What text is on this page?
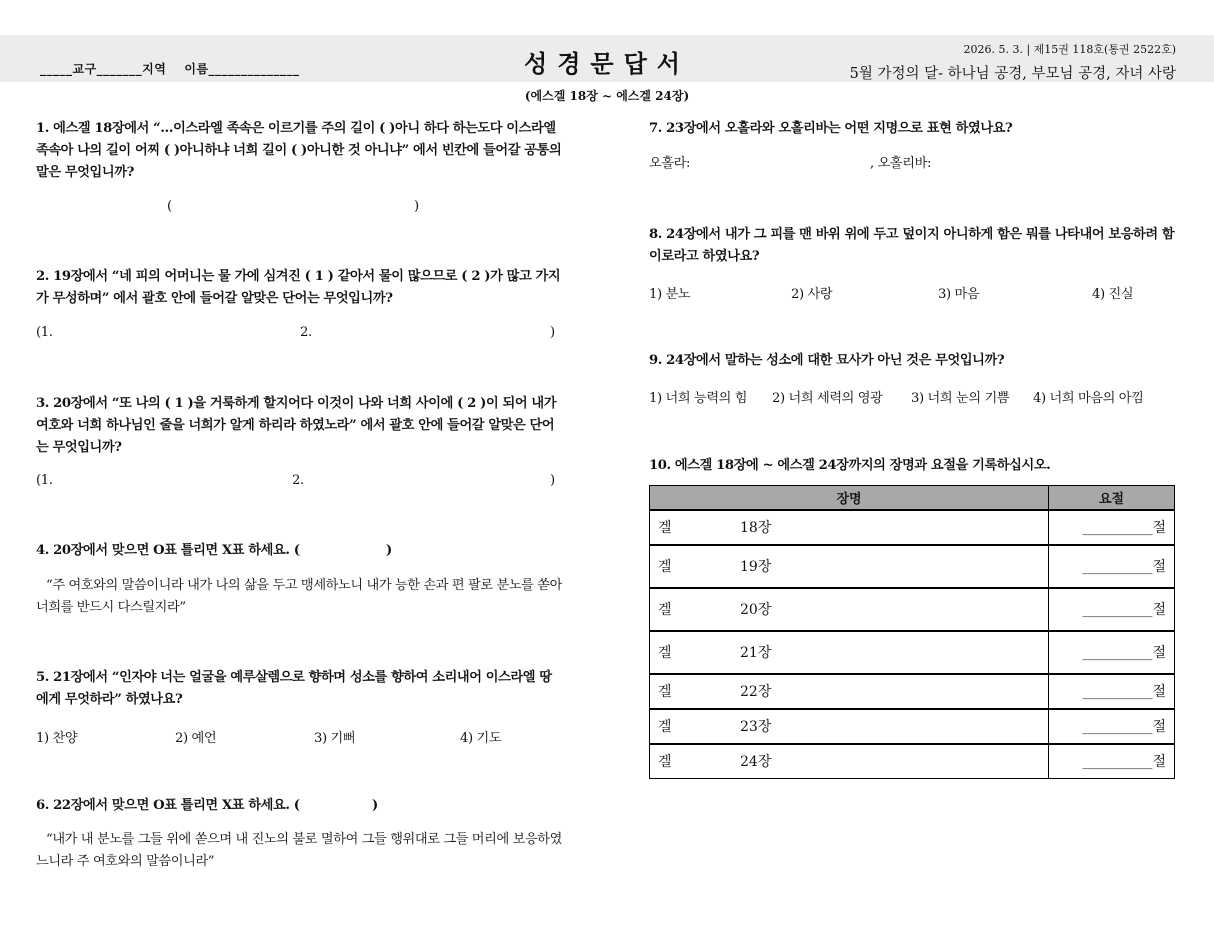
_____교구_______지역 이름______________	성경문답서	2026. 5. 3. | 제15권 118호(통권 2522호)
5월 가정의 달- 하나님 공경, 부모님 공경, 자녀 사랑
(에스겔 18장 ~ 에스겔 24장)
1. 에스겔 18장에서 “…이스라엘 족속은 이르기를 주의 길이 ( )아니 하다 하는도다 이스라엘 족속아 나의 길이 어찌 ( )아니하냐 너희 길이 ( )아니한 것 아니냐” 에서 빈칸에 들어갈 공통의 말은 무엇입니까?
(	)
2. 19장에서 “네 피의 어머니는 물 가에 심겨진 ( 1 ) 같아서 물이 많으므로 ( 2 )가 많고 가지가 무성하며” 에서 괄호 안에 들어갈 알맞은 단어는 무엇입니까?
(1.	2.	)
3. 20장에서 “또 나의 ( 1 )을 거룩하게 할지어다 이것이 나와 너희 사이에 ( 2 )이 되어 내가 여호와 너희 하나님인 줄을 너희가 알게 하리라 하였노라” 에서 괄호 안에 들어갈 알맞은 단어는 무엇입니까?
(1.	2.	)
4. 20장에서 맞으면 O표 틀리면 X표 하세요. (	)
“주 여호와의 말씀이니라 내가 나의 삶을 두고 맹세하노니 내가 능한 손과 편 팔로 분노를 쏟아 너희를 반드시 다스릴지라”
5. 21장에서 “인자야 너는 얼굴을 예루살렘으로 향하며 성소를 향하여 소리내어 이스라엘 땅에게 무엇하라” 하였나요?
1) 찬양	2) 예언	3) 기뻐	4) 기도
6. 22장에서 맞으면 O표 틀리면 X표 하세요. (	)
“내가 내 분노를 그들 위에 쏟으며 내 진노의 불로 멸하여 그들 행위대로 그들 머리에 보응하였느니라 주 여호와의 말씀이니라”
7. 23장에서 오홀라와 오홀리바는 어떤 지명으로 표현 하였나요?
오홀라:	, 오홀리바:
8. 24장에서 내가 그 피를 맨 바위 위에 두고 덮이지 아니하게 함은 뭐를 나타내어 보응하려 함이로라고 하였나요?
1) 분노	2) 사랑	3) 마음	4) 진실
9. 24장에서 말하는 성소에 대한 묘사가 아닌 것은 무엇입니까?
1) 너희 능력의 힘 2) 너희 세력의 영광 3) 너희 눈의 기쁨 4) 너희 마음의 아낌
10. 에스겔 18장에 ~ 에스겔 24장까지의 장명과 요절을 기록하십시오.
장명	요절
겔 18장	__________절
겔 19장	__________절
겔 20장	__________절
겔 21장	__________절
겔 22장	__________절
겔 23장	__________절
겔 24장	__________절
